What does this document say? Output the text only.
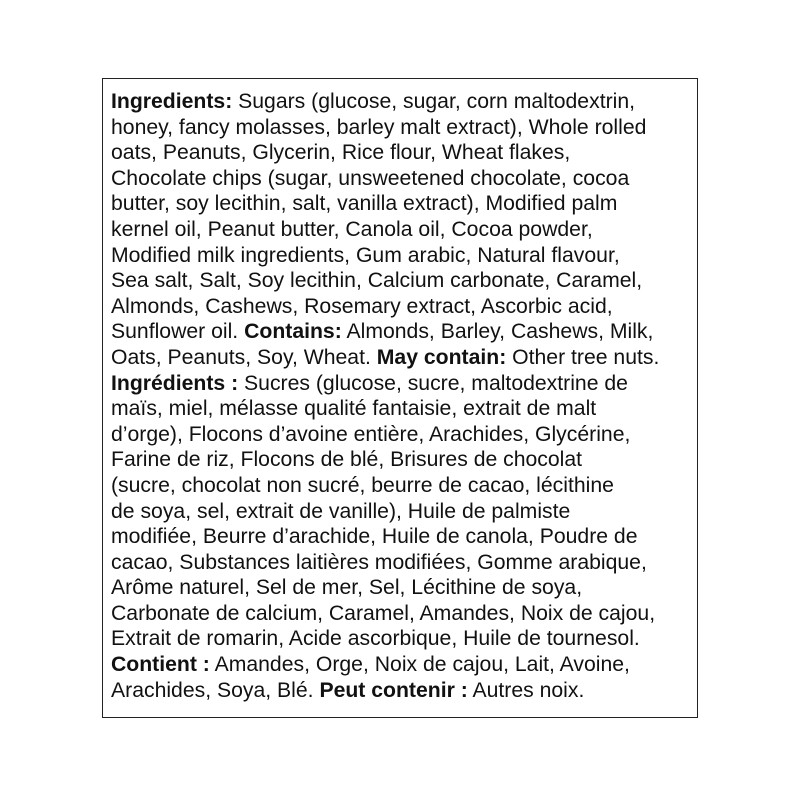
Ingredients: Sugars (glucose, sugar, corn maltodextrin,
honey, fancy molasses, barley malt extract), Whole rolled
oats, Peanuts, Glycerin, Rice flour, Wheat flakes,
Chocolate chips (sugar, unsweetened chocolate, cocoa
butter, soy lecithin, salt, vanilla extract), Modified palm
kernel oil, Peanut butter, Canola oil, Cocoa powder,
Modified milk ingredients, Gum arabic, Natural flavour,
Sea salt, Salt, Soy lecithin, Calcium carbonate, Caramel,
Almonds, Cashews, Rosemary extract, Ascorbic acid,
Sunflower oil. Contains: Almonds, Barley, Cashews, Milk,
Oats, Peanuts, Soy, Wheat. May contain: Other tree nuts.
Ingrédients : Sucres (glucose, sucre, maltodextrine de
maïs, miel, mélasse qualité fantaisie, extrait de malt
d’orge), Flocons d’avoine entière, Arachides, Glycérine,
Farine de riz, Flocons de blé, Brisures de chocolat
(sucre, chocolat non sucré, beurre de cacao, lécithine
de soya, sel, extrait de vanille), Huile de palmiste
modifiée, Beurre d’arachide, Huile de canola, Poudre de
cacao, Substances laitières modifiées, Gomme arabique,
Arôme naturel, Sel de mer, Sel, Lécithine de soya,
Carbonate de calcium, Caramel, Amandes, Noix de cajou,
Extrait de romarin, Acide ascorbique, Huile de tournesol.
Contient : Amandes, Orge, Noix de cajou, Lait, Avoine,
Arachides, Soya, Blé. Peut contenir : Autres noix.
